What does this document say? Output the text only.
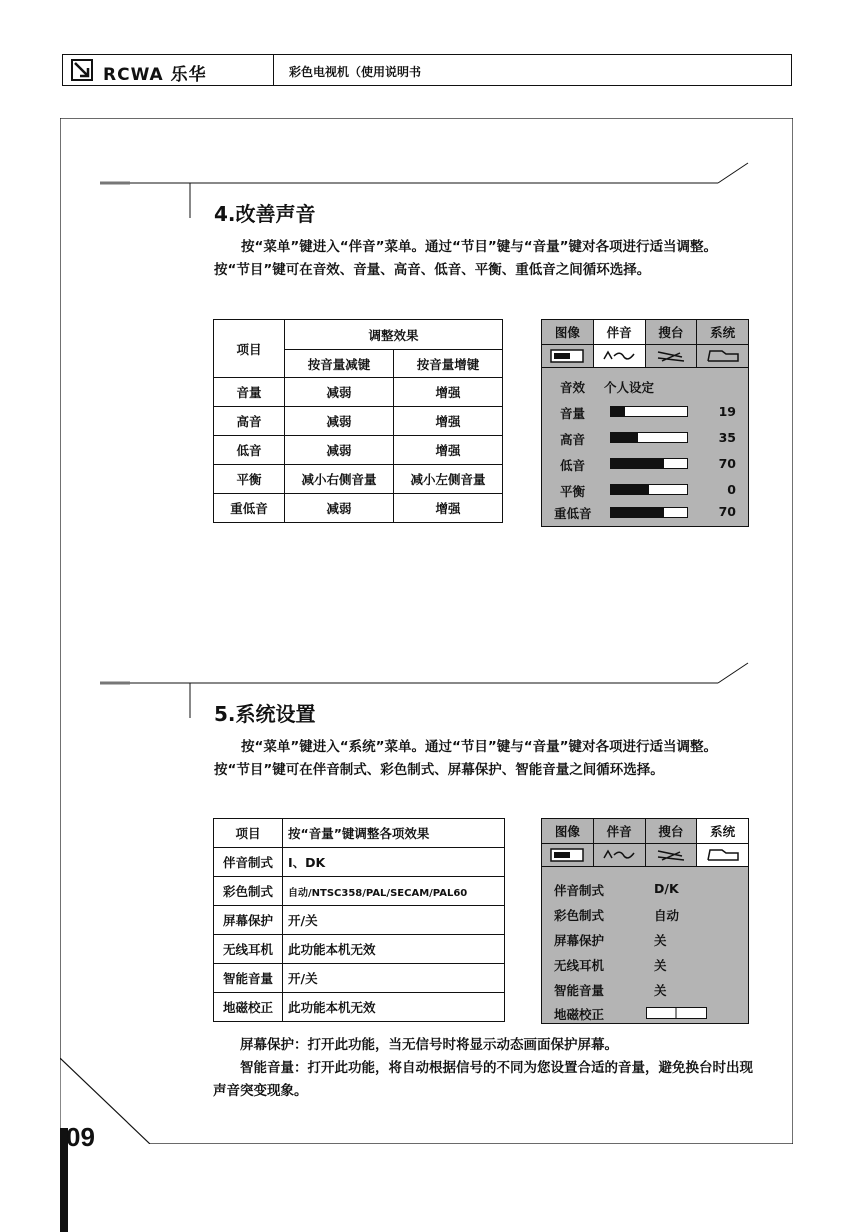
RCWA 乐华	彩色电视机（使用说明书
09
4.改善声音
按“菜单”键进入“伴音”菜单。通过“节目”键与“音量”键对各项进行适当调整。按“节目”键可在音效、音量、高音、低音、平衡、重低音之间循环选择。
项目	调整效果	
	按音量减键	按音量增键
音量	减弱	增强
高音	减弱	增强
低音	减弱	增强
平衡	减小右侧音量	减小左侧音量
重低音	减弱	增强
图像	伴音	搜台	系统
音效 个人设定
音量	19
高音	35
低音	70
平衡	0
重低音	70
5.系统设置
按“菜单”键进入“系统”菜单。通过“节目”键与“音量”键对各项进行适当调整。按“节目”键可在伴音制式、彩色制式、屏幕保护、智能音量之间循环选择。
项目	按“音量”键调整各项效果
伴音制式	I、DK
彩色制式	自动/NTSC358/PAL/SECAM/PAL60
屏幕保护	开/关
无线耳机	此功能本机无效
智能音量	开/关
地磁校正	此功能本机无效
图像	伴音	搜台	系统
伴音制式	D/K
彩色制式	自动
屏幕保护	关
无线耳机	关
智能音量	关
地磁校正
屏幕保护：打开此功能，当无信号时将显示动态画面保护屏幕。
智能音量：打开此功能，将自动根据信号的不同为您设置合适的音量，避免换台时出现声音突变现象。
